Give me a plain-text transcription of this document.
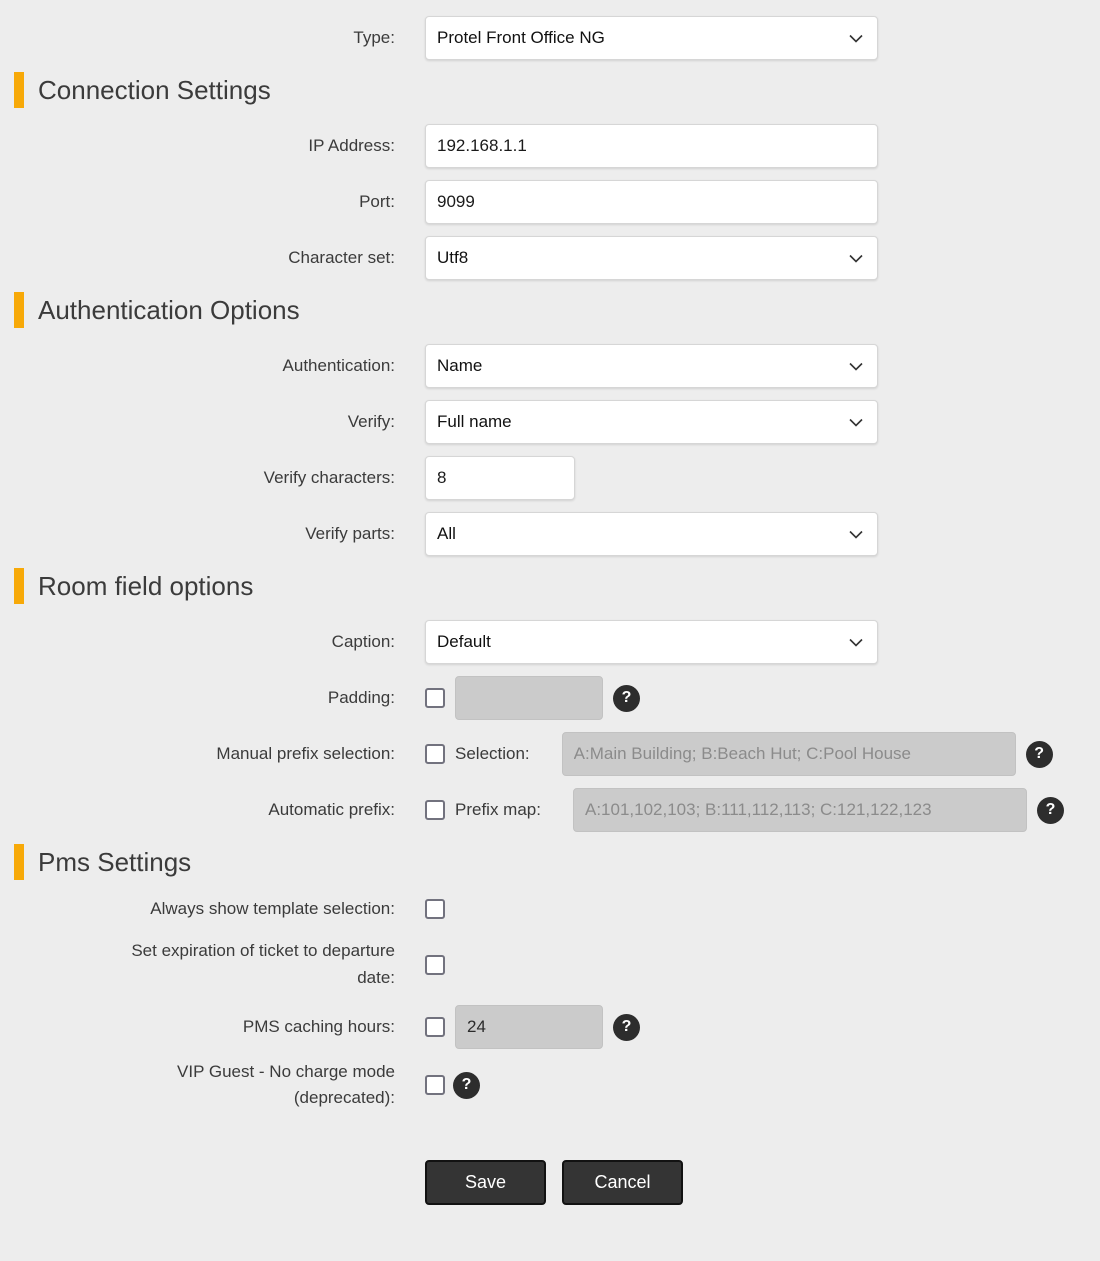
Type: Protel Front Office NG
Connection Settings
IP Address:
192.168.1.1
Port:
9099
Character set: Utf8
Authentication Options
Authentication: Name
Verify: Full name
Verify characters:
8
Verify parts: All
Room field options
Caption: Default
Padding:	?
Manual prefix selection:	Selection:
A:Main Building; B:Beach Hut; C:Pool House	?
Automatic prefix:	Prefix map:
A:101,102,103; B:111,112,113; C:121,122,123	?
Pms Settings
Always show template selection:
Set expiration of ticket to departure
date:
PMS caching hours:
24	?
VIP Guest - No charge mode
(deprecated):
?
Save	Cancel
